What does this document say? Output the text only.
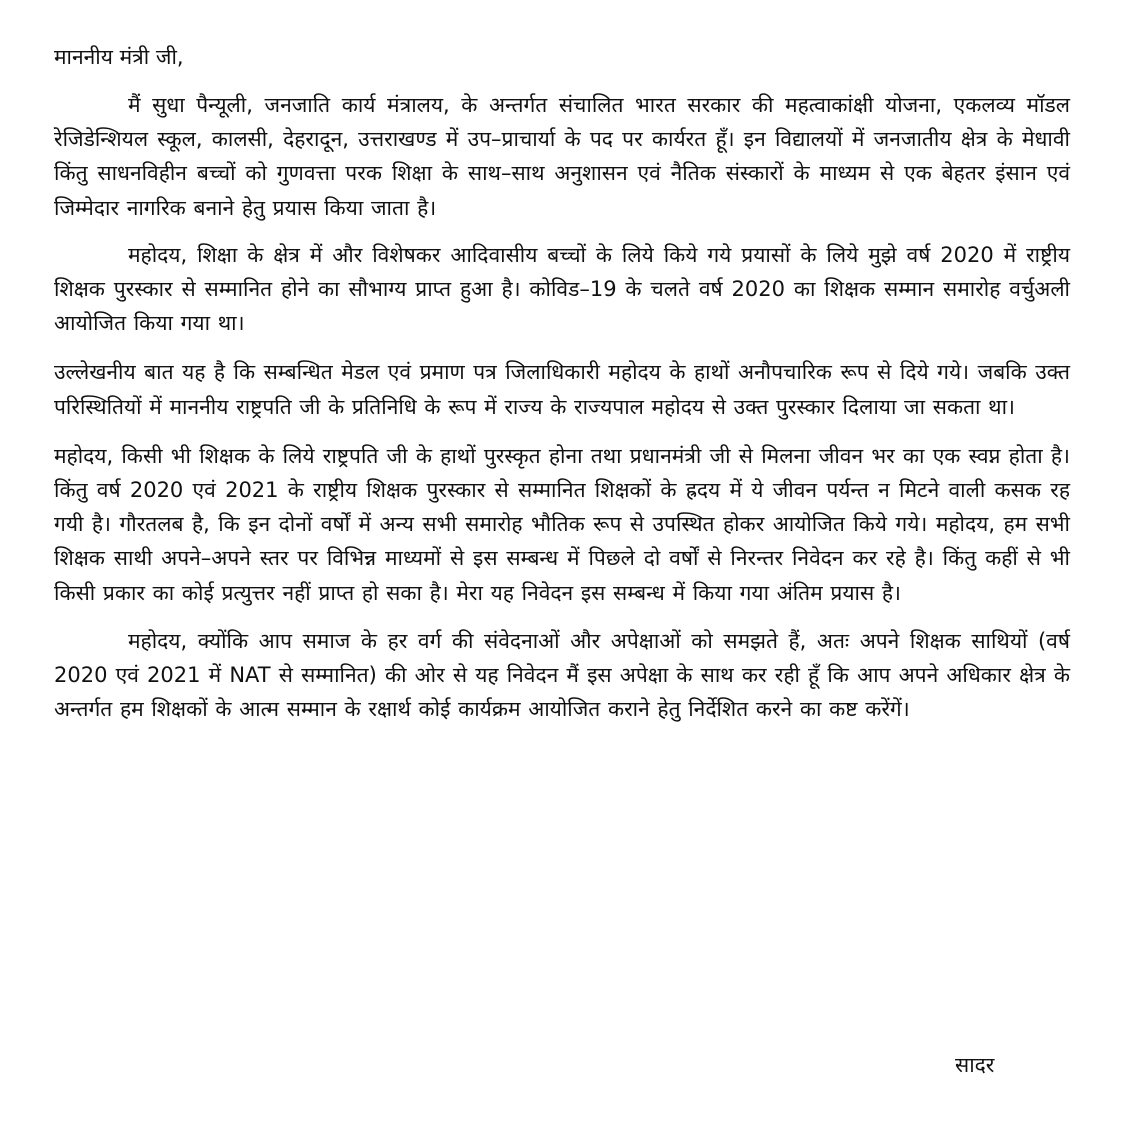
माननीय मंत्री जी,

मैं सुधा पैन्यूली, जनजाति कार्य मंत्रालय, के अन्तर्गत संचालित भारत सरकार की महत्वाकांक्षी योजना, एकलव्य मॉडल रेजिडेन्शियल स्कूल, कालसी, देहरादून, उत्तराखण्ड में उप–प्राचार्या के पद पर कार्यरत हूँ। इन विद्यालयों में जनजातीय क्षेत्र के मेधावी किंतु साधनविहीन बच्चों को गुणवत्ता परक शिक्षा के साथ–साथ अनुशासन एवं नैतिक संस्कारों के माध्यम से एक बेहतर इंसान एवं जिम्मेदार नागरिक बनाने हेतु प्रयास किया जाता है।

महोदय, शिक्षा के क्षेत्र में और विशेषकर आदिवासीय बच्चों के लिये किये गये प्रयासों के लिये मुझे वर्ष 2020 में राष्ट्रीय शिक्षक पुरस्कार से सम्मानित होने का सौभाग्य प्राप्त हुआ है। कोविड–19 के चलते वर्ष 2020 का शिक्षक सम्मान समारोह वर्चुअली आयोजित किया गया था।

उल्लेखनीय बात यह है कि सम्बन्धित मेडल एवं प्रमाण पत्र जिलाधिकारी महोदय के हाथों अनौपचारिक रूप से दिये गये। जबकि उक्त परिस्थितियों में माननीय राष्ट्रपति जी के प्रतिनिधि के रूप में राज्य के राज्यपाल महोदय से उक्त पुरस्कार दिलाया जा सकता था।

महोदय, किसी भी शिक्षक के लिये राष्ट्रपति जी के हाथों पुरस्कृत होना तथा प्रधानमंत्री जी से मिलना जीवन भर का एक स्वप्न होता है। किंतु वर्ष 2020 एवं 2021 के राष्ट्रीय शिक्षक पुरस्कार से सम्मानित शिक्षकों के ह्रदय में ये जीवन पर्यन्त न मिटने वाली कसक रह गयी है। गौरतलब है, कि इन दोनों वर्षों में अन्य सभी समारोह भौतिक रूप से उपस्थित होकर आयोजित किये गये। महोदय, हम सभी शिक्षक साथी अपने–अपने स्तर पर विभिन्न माध्यमों से इस सम्बन्ध में पिछले दो वर्षों से निरन्तर निवेदन कर रहे है। किंतु कहीं से भी किसी प्रकार का कोई प्रत्युत्तर नहीं प्राप्त हो सका है। मेरा यह निवेदन इस सम्बन्ध में किया गया अंतिम प्रयास है।

महोदय, क्योंकि आप समाज के हर वर्ग की संवेदनाओं और अपेक्षाओं को समझते हैं, अतः अपने शिक्षक साथियों (वर्ष 2020 एवं 2021 में NAT से सम्मानित) की ओर से यह निवेदन मैं इस अपेक्षा के साथ कर रही हूँ कि आप अपने अधिकार क्षेत्र के अन्तर्गत हम शिक्षकों के आत्म सम्मान के रक्षार्थ कोई कार्यक्रम आयोजित कराने हेतु निर्देशित करने का कष्ट करेंगें।

सादर
